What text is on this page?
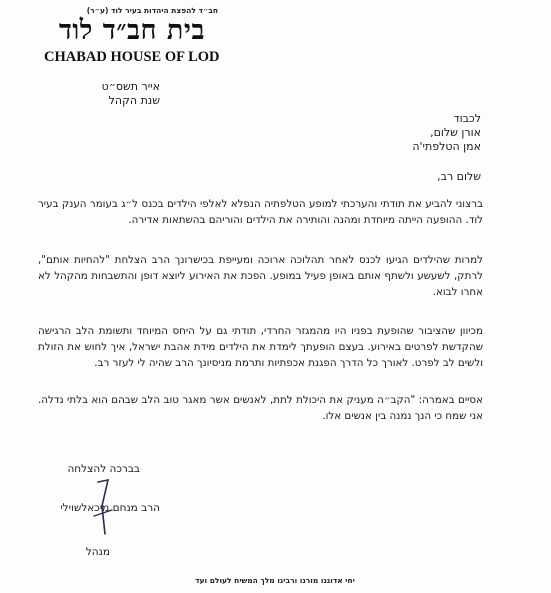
חב״ד להפצת היהדות בעיר לוד (ע״ר)
בית חב״ד לוד
CHABAD HOUSE OF LOD
אייר תשס״ט
שנת הקהל
לכבוד
אורן שלום,
אמן הטלפתי'ה
שלום רב,
ברצוני להביע את תודתי והערכתי למופע הטלפתיה הנפלא לאלפי הילדים בכנס ל״ג בעומר הענק בעיר לוד. ההופעה הייתה מיוחדת ומהנה והותירה את הילדים והוריהם בהשתאות אדירה.
למרות שהילדים הגיעו לכנס לאחר תהלוכה ארוכה ומעייפת בכישרונך הרב הצלחת "להחיות אותם", לרתק, לשעשע ולשתף אותם באופן פעיל במופע. הפכת את האירוע ליוצא דופן והתשבחות מהקהל לא אחרו לבוא.
מכיוון שהציבור שהופעת בפניו היו מהמגזר החרדי, תודתי גם על היחס המיוחד ותשומת הלב הרגישה שהקדשת לפרטים באירוע. בעצם הופעתך לימדת את הילדים מידת אהבת ישראל, איך לחוש את הזולת ולשים לב לפרט. לאורך כל הדרך הפגנת אכפתיות ותרמת מניסיונך הרב שהיה לי לעזר רב.
אסיים באמרה: "הקב״ה מעניק את היכולת לתת, לאנשים אשר מאגר טוב הלב שבהם הוא בלתי נדלה. אני שמח כי הנך נמנה בין אנשים אלו.
בברכה להצלחה
הרב מנחם מיכאלשוילי
מנהל
יחי אדוננו מורנו ורבינו מלך המשיח לעולם ועד
